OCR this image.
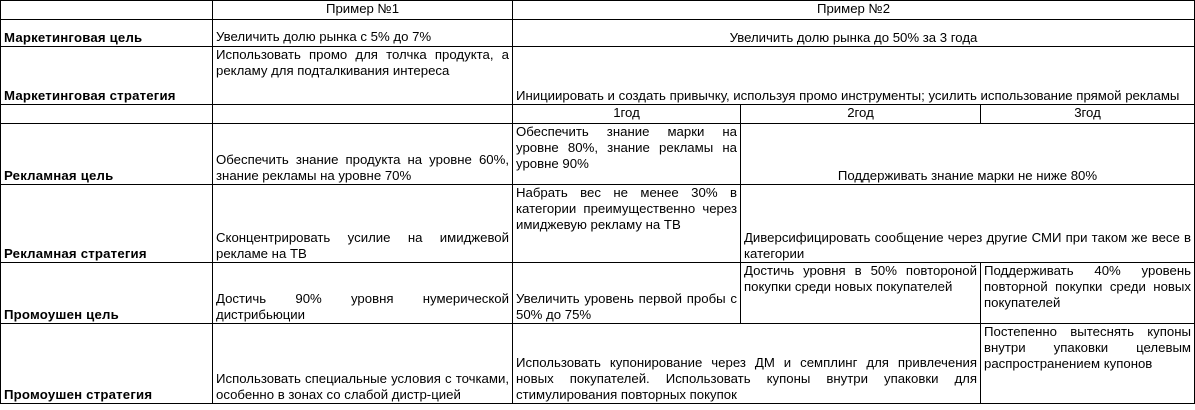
	Пример №1	Пример №2		
Маркетинговая цель	Увеличить долю рынка с 5% до 7%	Увеличить долю рынка до 50% за 3 года		
Маркетинговая стратегия	Использовать промо для толчка продукта, а рекламу для подталкивания интереса	Инициировать и создать привычку, используя промо инструменты; усилить использование прямой рекламы		
		1год	2год	3год
Рекламная цель	Обеспечить знание продукта на уровне 60%, знание рекламы на уровне 70%	Обеспечить знание марки на уровне 80%, знание рекламы на уровне 90%	Поддерживать знание марки не ниже 80%	
Рекламная стратегия	Сконцентрировать усилие на имиджевой рекламе на ТВ	Набрать вес не менее 30% в категории преимущественно через имиджевую рекламу на ТВ	Диверсифицировать сообщение через другие СМИ при таком же весе в категории	
Промоушен цель	Достичь 90% уровня нумерической дистрибьюции	Увеличить уровень первой пробы с 50% до 75%	Достичь уровня в 50% повтороной покупки среди новых покупателей	Поддерживать 40% уровень повторной покупки среди новых покупателей
Промоушен стратегия	Использовать специальные условия с точками, особенно в зонах со слабой дистр-цией	Использовать купонирование через ДМ и семплинг для привлечения новых покупателей. Использовать купоны внутри упаковки для стимулирования повторных покупок		Постепенно вытеснять купоны внутри упаковки целевым распространением купонов
